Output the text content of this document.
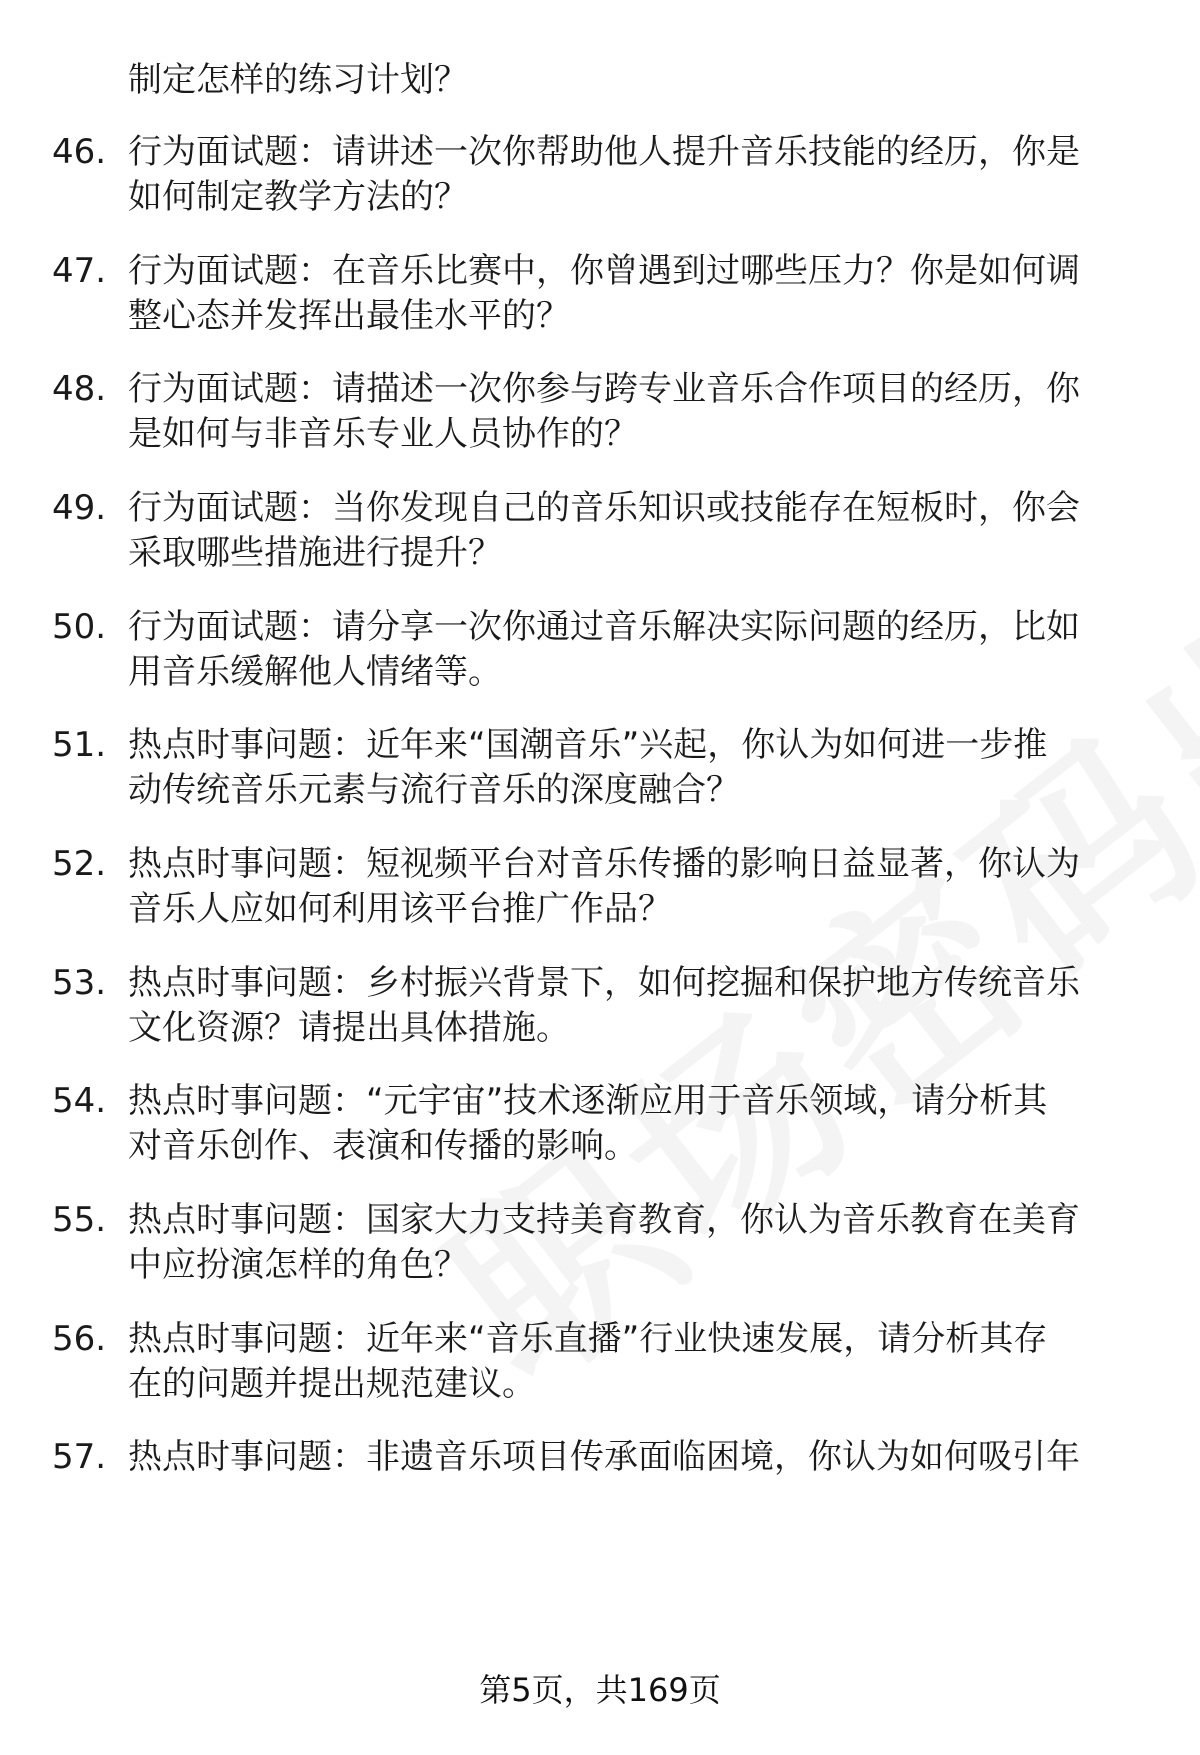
制定怎样的练习计划？
46. 行为面试题：请讲述一次你帮助他人提升音乐技能的经历，你是
如何制定教学方法的？
47. 行为面试题：在音乐比赛中，你曾遇到过哪些压力？你是如何调
整心态并发挥出最佳水平的？
48. 行为面试题：请描述一次你参与跨专业音乐合作项目的经历，你
是如何与非音乐专业人员协作的？
49. 行为面试题：当你发现自己的音乐知识或技能存在短板时，你会
采取哪些措施进行提升？
50. 行为面试题：请分享一次你通过音乐解决实际问题的经历，比如
用音乐缓解他人情绪等。
51. 热点时事问题：近年来“国潮音乐”兴起，你认为如何进一步推
动传统音乐元素与流行音乐的深度融合？
52. 热点时事问题：短视频平台对音乐传播的影响日益显著，你认为
音乐人应如何利用该平台推广作品？
53. 热点时事问题：乡村振兴背景下，如何挖掘和保护地方传统音乐
文化资源？请提出具体措施。
54. 热点时事问题：“元宇宙”技术逐渐应用于音乐领域，请分析其
对音乐创作、表演和传播的影响。
55. 热点时事问题：国家大力支持美育教育，你认为音乐教育在美育
中应扮演怎样的角色？
56. 热点时事问题：近年来“音乐直播”行业快速发展，请分析其存
在的问题并提出规范建议。
57. 热点时事问题：非遗音乐项目传承面临困境，你认为如何吸引年
第5页，共169页
